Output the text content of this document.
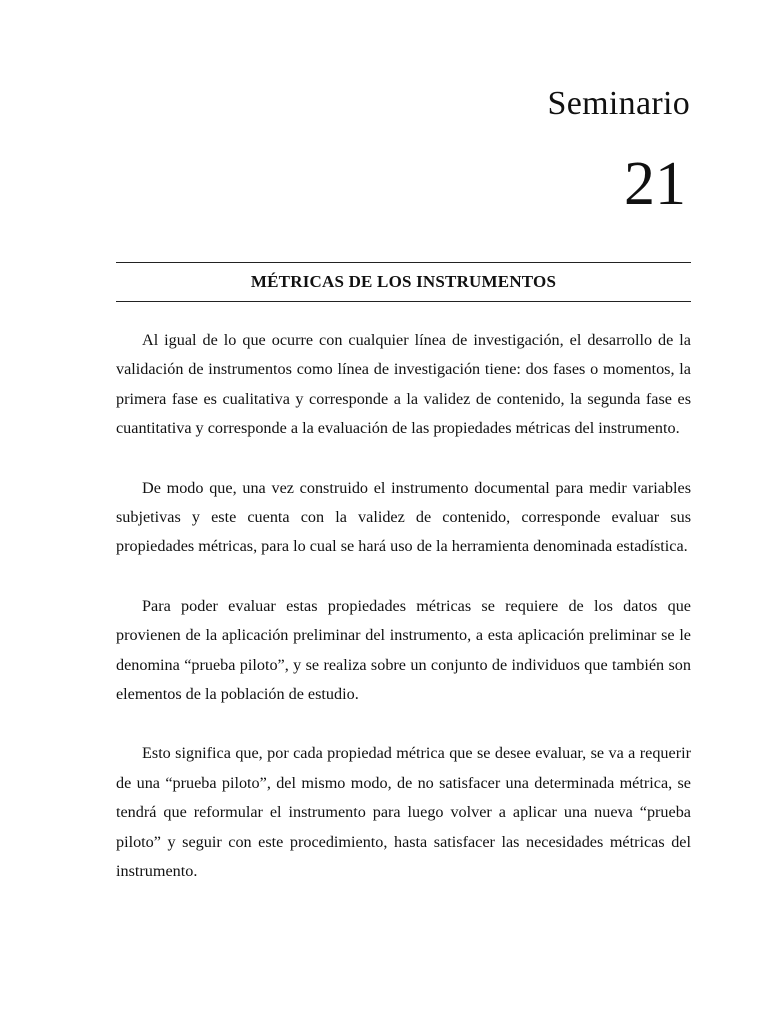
Seminario
21
MÉTRICAS DE LOS INSTRUMENTOS

Al igual de lo que ocurre con cualquier línea de investigación, el desarrollo de la validación de instrumentos como línea de investigación tiene: dos fases o momentos, la primera fase es cualitativa y corresponde a la validez de contenido, la segunda fase es cuantitativa y corresponde a la evaluación de las propiedades métricas del instrumento.

De modo que, una vez construido el instrumento documental para medir variables subjetivas y este cuenta con la validez de contenido, corresponde evaluar sus propiedades métricas, para lo cual se hará uso de la herramienta denominada estadística.

Para poder evaluar estas propiedades métricas se requiere de los datos que provienen de la aplicación preliminar del instrumento, a esta aplicación preliminar se le denomina “prueba piloto”, y se realiza sobre un conjunto de individuos que también son elementos de la población de estudio.

Esto significa que, por cada propiedad métrica que se desee evaluar, se va a requerir de una “prueba piloto”, del mismo modo, de no satisfacer una determinada métrica, se tendrá que reformular el instrumento para luego volver a aplicar una nueva “prueba piloto” y seguir con este procedimiento, hasta satisfacer las necesidades métricas del instrumento.
